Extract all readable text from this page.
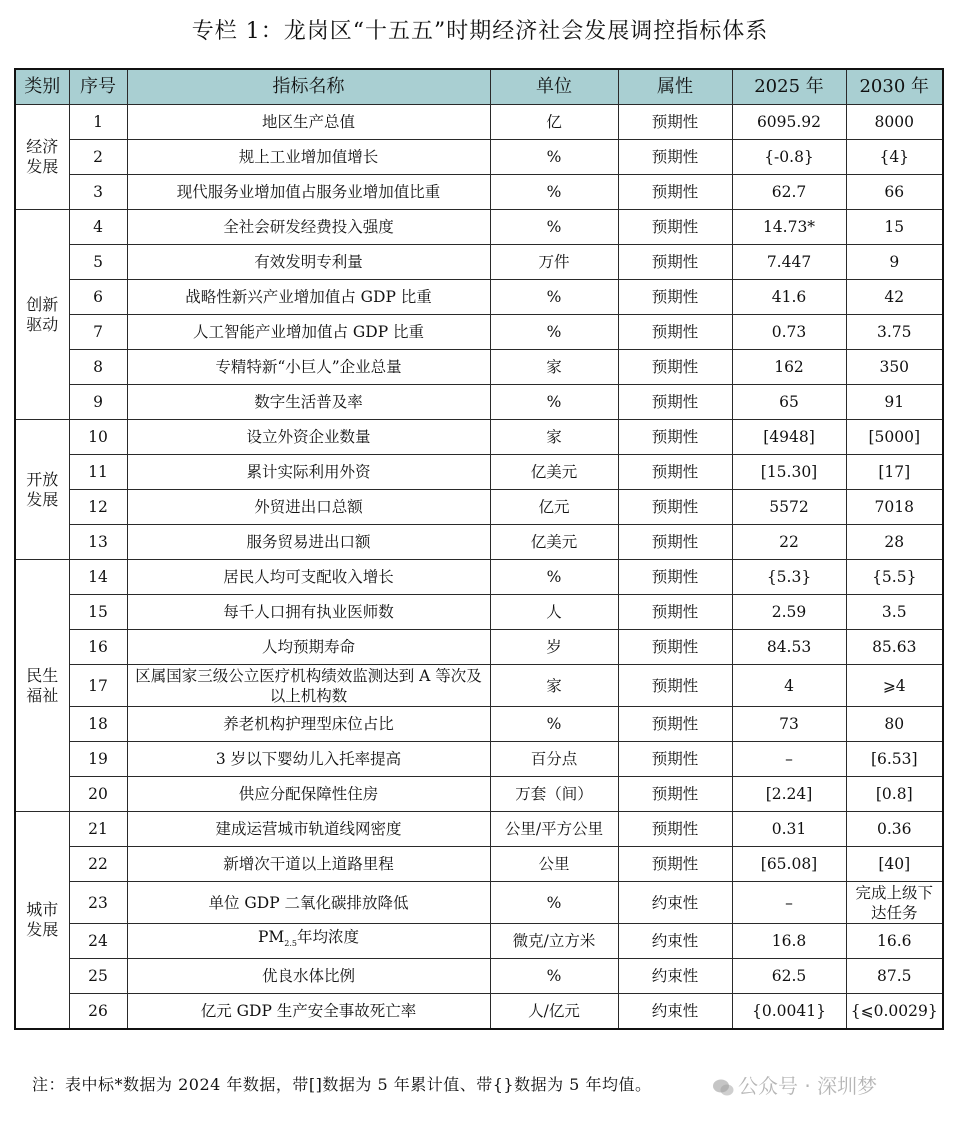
专栏 1：龙岗区“十五五”时期经济社会发展调控指标体系
类别	序号	指标名称	单位	属性	2025 年	2030 年
经济
发展	1	地区生产总值	亿	预期性	6095.92	8000
	2	规上工业增加值增长	%	预期性	{-0.8}	{4}
	3	现代服务业增加值占服务业增加值比重	%	预期性	62.7	66
创新
驱动	4	全社会研发经费投入强度	%	预期性	14.73*	15
	5	有效发明专利量	万件	预期性	7.447	9
	6	战略性新兴产业增加值占 GDP 比重	%	预期性	41.6	42
	7	人工智能产业增加值占 GDP 比重	%	预期性	0.73	3.75
	8	专精特新“小巨人”企业总量	家	预期性	162	350
	9	数字生活普及率	%	预期性	65	91
开放
发展	10	设立外资企业数量	家	预期性	[4948]	[5000]
	11	累计实际利用外资	亿美元	预期性	[15.30]	[17]
	12	外贸进出口总额	亿元	预期性	5572	7018
	13	服务贸易进出口额	亿美元	预期性	22	28
民生
福祉	14	居民人均可支配收入增长	%	预期性	{5.3}	{5.5}
	15	每千人口拥有执业医师数	人	预期性	2.59	3.5
	16	人均预期寿命	岁	预期性	84.53	85.63
	17	区属国家三级公立医疗机构绩效监测达到 A 等次及以上机构数	家	预期性	4	⩾4
	18	养老机构护理型床位占比	%	预期性	73	80
	19	3 岁以下婴幼儿入托率提高	百分点	预期性	–	[6.53]
	20	供应分配保障性住房	万套（间）	预期性	[2.24]	[0.8]
城市
发展	21	建成运营城市轨道线网密度	公里/平方公里	预期性	0.31	0.36
	22	新增次干道以上道路里程	公里	预期性	[65.08]	[40]
	23	单位 GDP 二氧化碳排放降低	%	约束性	–	完成上级下达任务
	24	$PM_{2.5}$年均浓度	微克/立方米	约束性	16.8	16.6
	25	优良水体比例	%	约束性	62.5	87.5
	26	亿元 GDP 生产安全事故死亡率	人/亿元	约束性	{0.0041}	{⩽0.0029}
注：表中标*数据为 2024 年数据，带[]数据为 5 年累计值、带{}数据为 5 年均值。	公众号 · 深圳梦
